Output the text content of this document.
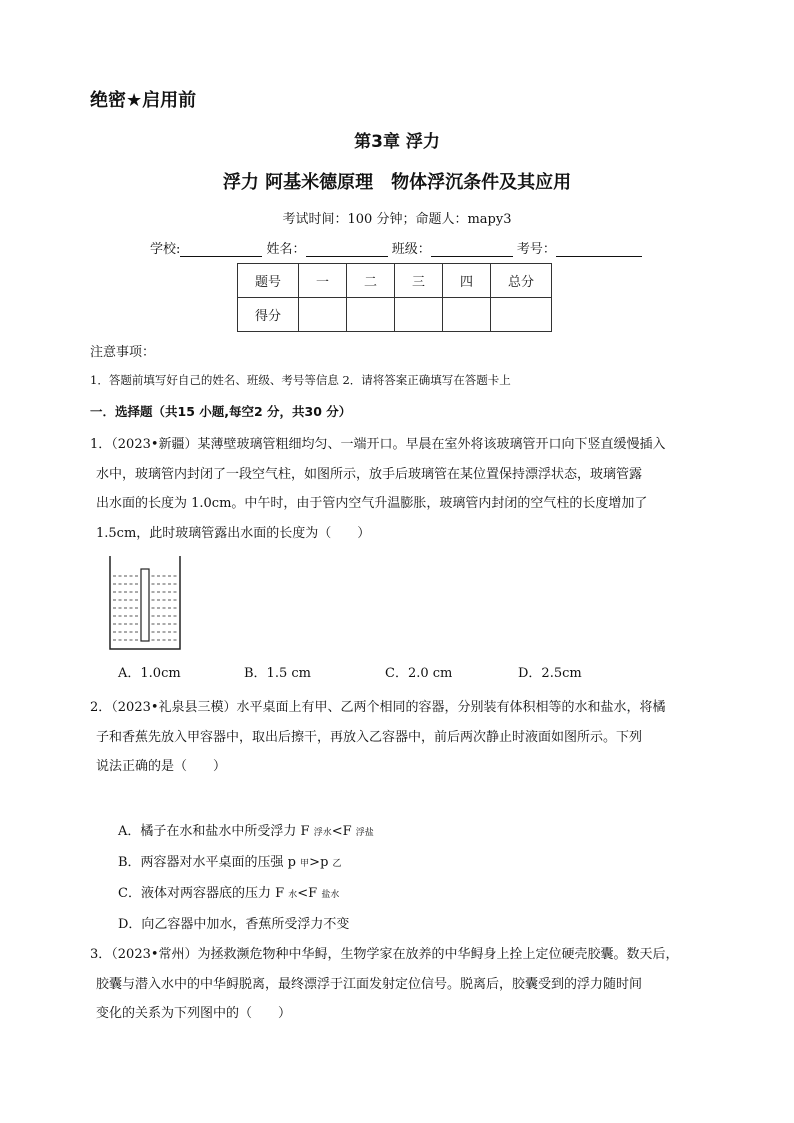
绝密★启用前
第3章 浮力
浮力 阿基米德原理　物体浮沉条件及其应用
考试时间：100 分钟；命题人：mapy3
学校:	姓名：	班级：	考号：
题号	一	二	三	四	总分
得分					
注意事项：
1．答题前填写好自己的姓名、班级、考号等信息 2．请将答案正确填写在答题卡上
一．选择题（共15 小题,每空2 分，共30 分）
1．（2023•新疆）某薄壁玻璃管粗细均匀、一端开口。早晨在室外将该玻璃管开口向下竖直缓慢插入
水中，玻璃管内封闭了一段空气柱，如图所示，放手后玻璃管在某位置保持漂浮状态，玻璃管露
出水面的长度为 1.0cm。中午时，由于管内空气升温膨胀，玻璃管内封闭的空气柱的长度增加了
1.5cm，此时玻璃管露出水面的长度为（　　）
A．1.0cm	B．1.5 cm	C．2.0 cm	D．2.5cm
2．（2023•礼泉县三模）水平桌面上有甲、乙两个相同的容器，分别装有体积相等的水和盐水，将橘
子和香蕉先放入甲容器中，取出后擦干，再放入乙容器中，前后两次静止时液面如图所示。下列
说法正确的是（　　）
A．橘子在水和盐水中所受浮力 F 浮水<F 浮盐
B．两容器对水平桌面的压强 p 甲>p 乙
C．液体对两容器底的压力 F 水<F 盐水
D．向乙容器中加水，香蕉所受浮力不变
3．（2023•常州）为拯救濒危物种中华鲟，生物学家在放养的中华鲟身上拴上定位硬壳胶囊。数天后，
胶囊与潜入水中的中华鲟脱离，最终漂浮于江面发射定位信号。脱离后，胶囊受到的浮力随时间
变化的关系为下列图中的（　　）
